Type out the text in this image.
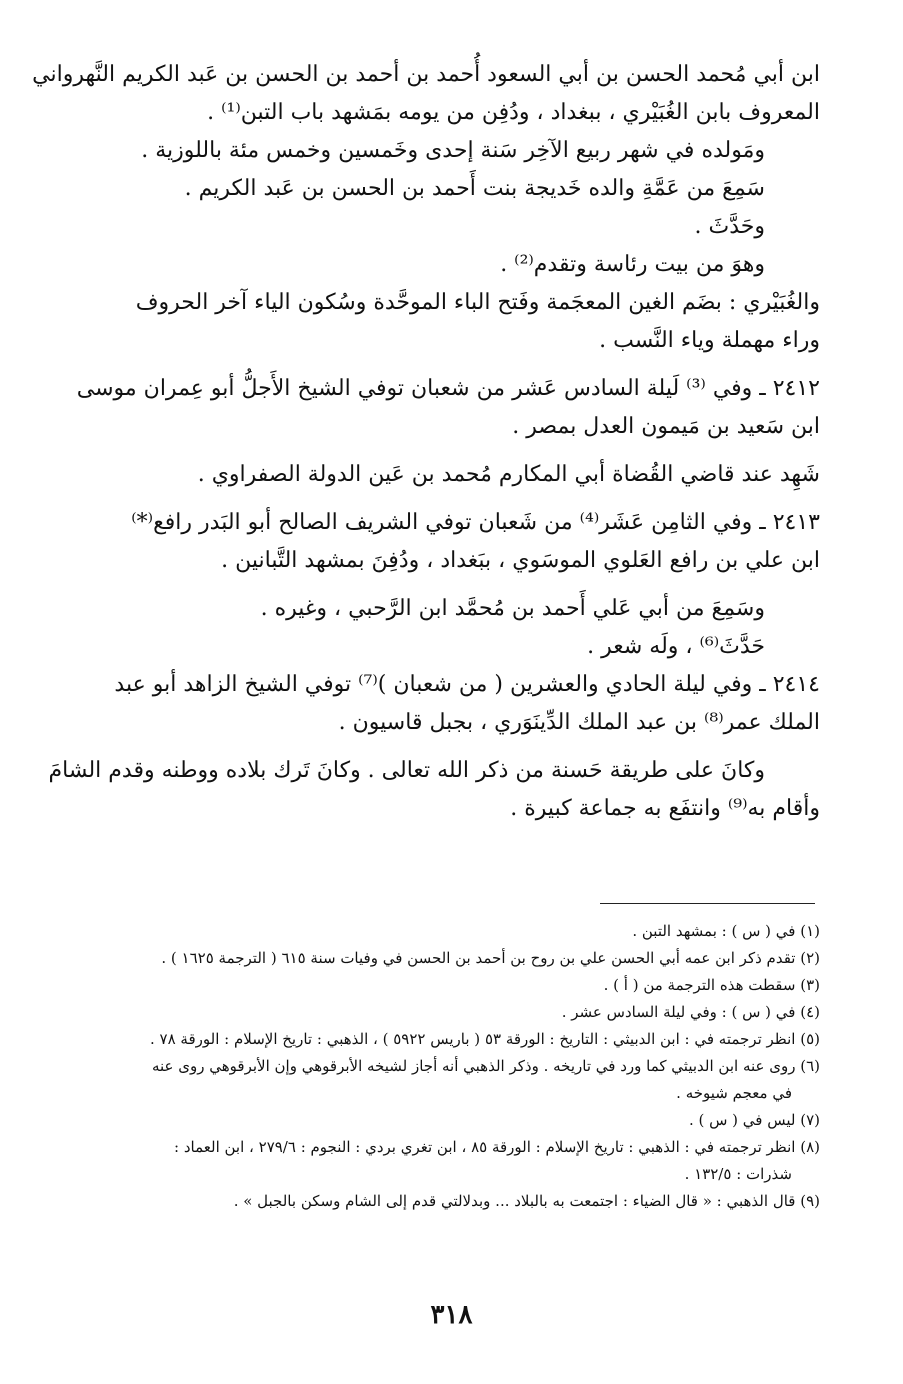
ابن أبي مُحمد الحسن بن أبي السعود أُحمد بن أحمد بن الحسن بن عَبد الكريم النَّهرواني

المعروف بابن الغُبَيْري ، ببغداد ، ودُفِن من يومه بمَشهد باب التبن⁽¹⁾ .

ومَولده في شهر ربيع الآخِر سَنة إحدى وخَمسين وخمس مئة باللوزية .

سَمِعَ من عَمَّةِ والده خَديجة بنت أَحمد بن الحسن بن عَبد الكريم .

وحَدَّثَ .

وهوَ من بيت رئاسة وتقدم⁽²⁾ .

والغُبَيْري : بضَم الغين المعجَمة وفَتح الباء الموحَّدة وسُكون الياء آخر الحروف

وراء مهملة وياء النَّسب .

٢٤١٢ ـ وفي ⁽³⁾ لَيلة السادس عَشر من شعبان توفي الشيخ الأَجلُّ أبو عِمران موسى

ابن سَعيد بن مَيمون العدل بمصر .

شَهِد عند قاضي القُضاة أبي المكارم مُحمد بن عَين الدولة الصفراوي .

٢٤١٣ ـ وفي الثامِن عَشَر⁽⁴⁾ من شَعبان توفي الشريف الصالح أبو البَدر رافع⁽*⁾

ابن علي بن رافع العَلوي الموسَوي ، ببَغداد ، ودُفِنَ بمشهد التَّبانين .

وسَمِعَ من أبي عَلي أَحمد بن مُحمَّد ابن الرَّحبي ، وغيره .

حَدَّثَ⁽⁶⁾ ، ولَه شعر .

٢٤١٤ ـ وفي ليلة الحادي والعشرين ( من شعبان )⁽⁷⁾ توفي الشيخ الزاهد أبو عبد

الملك عمر⁽⁸⁾ بن عبد الملك الدِّينَوَري ، بجبل قاسيون .

وكانَ على طريقة حَسنة من ذكر الله تعالى . وكانَ تَرك بلاده ووطنه وقدم الشامَ

وأقام به⁽⁹⁾ وانتفَع به جماعة كبيرة .

(١) في ( س ) : بمشهد التبن .

(٢) تقدم ذكر ابن عمه أبي الحسن علي بن روح بن أحمد بن الحسن في وفيات سنة ٦١٥ ( الترجمة ١٦٢٥ ) .

(٣) سقطت هذه الترجمة من ( أ ) .

(٤) في ( س ) : وفي ليلة السادس عشر .

(٥) انظر ترجمته في : ابن الدبيثي : التاريخ : الورقة ٥٣ ( باريس ٥٩٢٢ ) ، الذهبي : تاريخ الإسلام : الورقة ٧٨ .

(٦) روى عنه ابن الدبيثي كما ورد في تاريخه . وذكر الذهبي أنه أجاز لشيخه الأبرقوهي وإن الأبرقوهي روى عنه

في معجم شيوخه .

(٧) ليس في ( س ) .

(٨) انظر ترجمته في : الذهبي : تاريخ الإسلام : الورقة ٨٥ ، ابن تغري بردي : النجوم : ٢٧٩/٦ ، ابن العماد :

شذرات : ١٣٢/٥ .

(٩) قال الذهبي : « قال الضياء : اجتمعت به بالبلاد ... وبدلالتي قدم إلى الشام وسكن بالجبل » .

٣١٨
